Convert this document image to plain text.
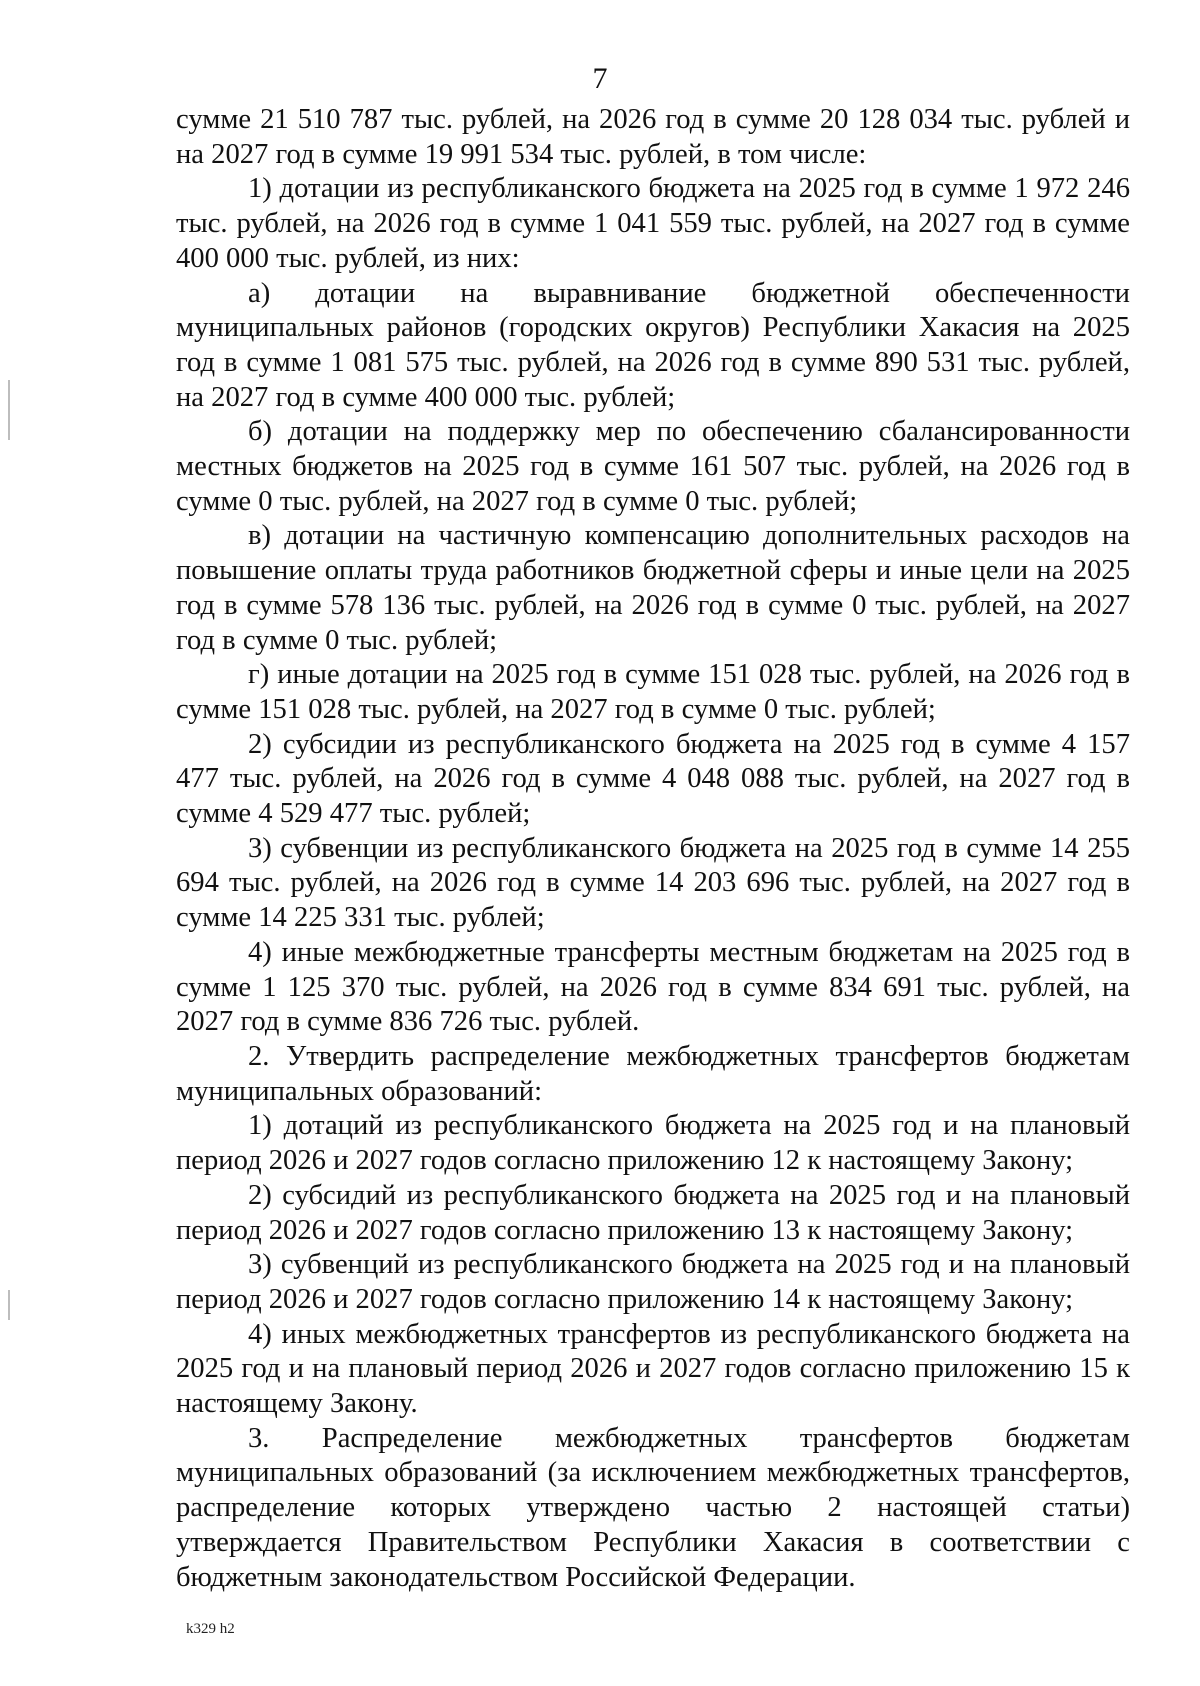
7

сумме 21 510 787 тыс. рублей, на 2026 год в сумме 20 128 034 тыс. рублей и на 2027 год в сумме 19 991 534 тыс. рублей, в том числе:

1) дотации из республиканского бюджета на 2025 год в сумме 1 972 246 тыс. рублей, на 2026 год в сумме 1 041 559 тыс. рублей, на 2027 год в сумме 400 000 тыс. рублей, из них:

а) дотации на выравнивание бюджетной обеспеченности муниципальных районов (городских округов) Республики Хакасия на 2025 год в сумме 1 081 575 тыс. рублей, на 2026 год в сумме 890 531 тыс. рублей, на 2027 год в сумме 400 000 тыс. рублей;

б) дотации на поддержку мер по обеспечению сбалансированности местных бюджетов на 2025 год в сумме 161 507 тыс. рублей, на 2026 год в сумме 0 тыс. рублей, на 2027 год в сумме 0 тыс. рублей;

в) дотации на частичную компенсацию дополнительных расходов на повышение оплаты труда работников бюджетной сферы и иные цели на 2025 год в сумме 578 136 тыс. рублей, на 2026 год в сумме 0 тыс. рублей, на 2027 год в сумме 0 тыс. рублей;

г) иные дотации на 2025 год в сумме 151 028 тыс. рублей, на 2026 год в сумме 151 028 тыс. рублей, на 2027 год в сумме 0 тыс. рублей;

2) субсидии из республиканского бюджета на 2025 год в сумме 4 157 477 тыс. рублей, на 2026 год в сумме 4 048 088 тыс. рублей, на 2027 год в сумме 4 529 477 тыс. рублей;

3) субвенции из республиканского бюджета на 2025 год в сумме 14 255 694 тыс. рублей, на 2026 год в сумме 14 203 696 тыс. рублей, на 2027 год в сумме 14 225 331 тыс. рублей;

4) иные межбюджетные трансферты местным бюджетам на 2025 год в сумме 1 125 370 тыс. рублей, на 2026 год в сумме 834 691 тыс. рублей, на 2027 год в сумме 836 726 тыс. рублей.

2. Утвердить распределение межбюджетных трансфертов бюджетам муниципальных образований:

1) дотаций из республиканского бюджета на 2025 год и на плановый период 2026 и 2027 годов согласно приложению 12 к настоящему Закону;

2) субсидий из республиканского бюджета на 2025 год и на плановый период 2026 и 2027 годов согласно приложению 13 к настоящему Закону;

3) субвенций из республиканского бюджета на 2025 год и на плановый период 2026 и 2027 годов согласно приложению 14 к настоящему Закону;

4) иных межбюджетных трансфертов из республиканского бюджета на 2025 год и на плановый период 2026 и 2027 годов согласно приложению 15 к настоящему Закону.

3. Распределение межбюджетных трансфертов бюджетам муниципальных образований (за исключением межбюджетных трансфертов, распределение которых утверждено частью 2 настоящей статьи) утверждается Правительством Республики Хакасия в соответствии с бюджетным законодательством Российской Федерации.

k329 h2
